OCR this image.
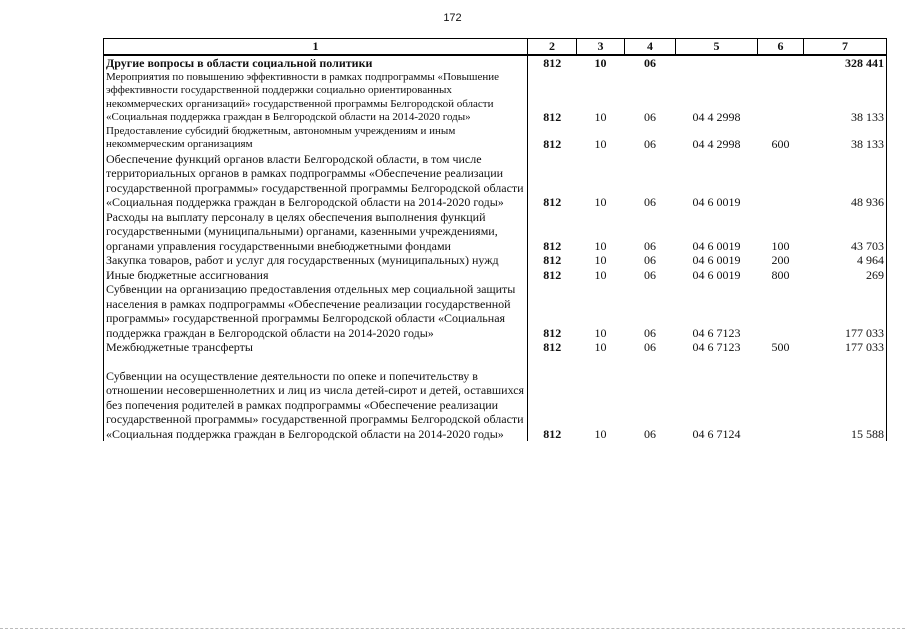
172
1	2	3	4	5	6	7
Другие вопросы в области социальной политики	812	10	06			328 441
Мероприятия по повышению эффективности в рамках подпрограммы «Повышение эффективности государственной поддержки социально ориентированных некоммерческих организаций» государственной программы Белгородской области «Социальная поддержка граждан в Белгородской области на 2014-2020 годы»	812	10	06	04 4 2998		38 133
Предоставление субсидий бюджетным, автономным учреждениям и иным некоммерческим организациям	812	10	06	04 4 2998	600	38 133
Обеспечение функций органов власти Белгородской области, в том числе территориальных органов в рамках подпрограммы «Обеспечение реализации государственной программы» государственной программы Белгородской области «Социальная поддержка граждан в Белгородской области на 2014-2020 годы»	812	10	06	04 6 0019		48 936
Расходы на выплату персоналу в целях обеспечения выполнения функций государственными (муниципальными) органами, казенными учреждениями, органами управления государственными внебюджетными фондами	812	10	06	04 6 0019	100	43 703
Закупка товаров, работ и услуг для государственных (муниципальных) нужд	812	10	06	04 6 0019	200	4 964
Иные бюджетные ассигнования	812	10	06	04 6 0019	800	269
Субвенции на организацию предоставления отдельных мер социальной защиты населения в рамках подпрограммы «Обеспечение реализации государственной программы» государственной программы Белгородской области «Социальная поддержка граждан в Белгородской области на 2014-2020 годы»	812	10	06	04 6 7123		177 033
Межбюджетные трансферты	812	10	06	04 6 7123	500	177 033

Субвенции на осуществление деятельности по опеке и попечительству в отношении несовершеннолетних и лиц из числа детей-сирот и детей, оставшихся без попечения родителей в рамках подпрограммы «Обеспечение реализации государственной программы» государственной программы Белгородской области «Социальная поддержка граждан в Белгородской области на 2014-2020 годы»	812	10	06	04 6 7124		15 588
